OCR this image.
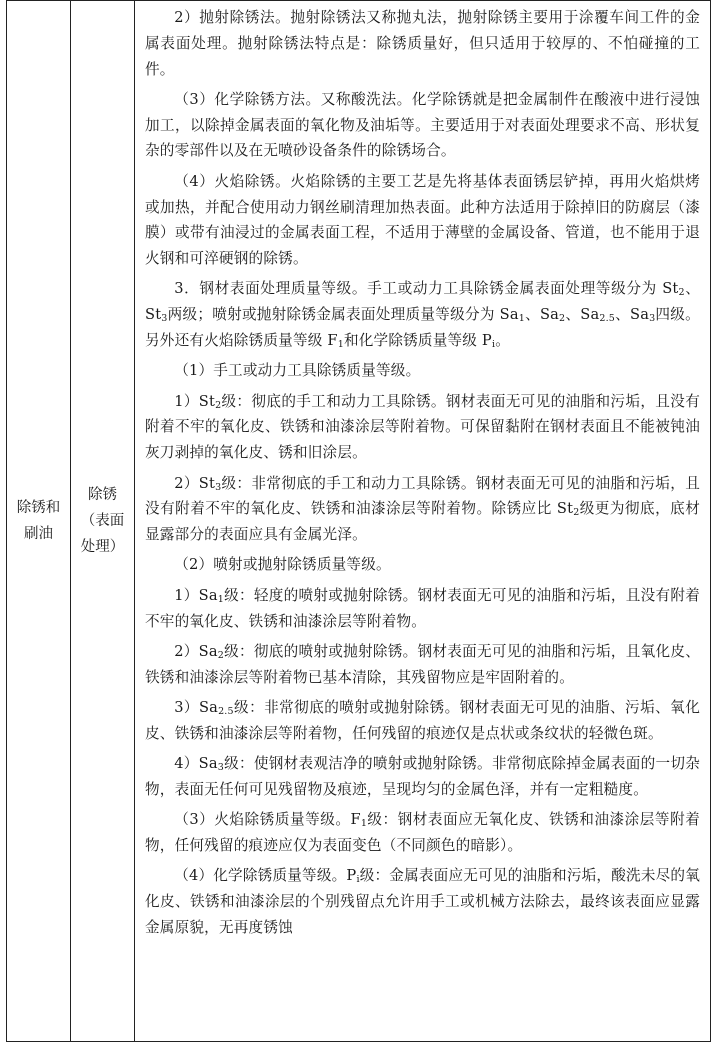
除锈和
刷油
除锈
（表面
处理）

2）抛射除锈法。抛射除锈法又称抛丸法，抛射除锈主要用于涂覆车间工件的金属表面处理。抛射除锈法特点是：除锈质量好，但只适用于较厚的、不怕碰撞的工件。

（3）化学除锈方法。又称酸洗法。化学除锈就是把金属制件在酸液中进行浸蚀加工，以除掉金属表面的氧化物及油垢等。主要适用于对表面处理要求不高、形状复杂的零部件以及在无喷砂设备条件的除锈场合。

（4）火焰除锈。火焰除锈的主要工艺是先将基体表面锈层铲掉，再用火焰烘烤或加热，并配合使用动力钢丝刷清理加热表面。此种方法适用于除掉旧的防腐层（漆膜）或带有油浸过的金属表面工程，不适用于薄壁的金属设备、管道，也不能用于退火钢和可淬硬钢的除锈。

3．钢材表面处理质量等级。手工或动力工具除锈金属表面处理等级分为 $St_2$、$St_3$两级；喷射或抛射除锈金属表面处理质量等级分为 $Sa_1$、$Sa_2$、$Sa_{2.5}$、$Sa_3$四级。另外还有火焰除锈质量等级 $F_1$和化学除锈质量等级 $P_i$。

（1）手工或动力工具除锈质量等级。

$1)St_2$级：彻底的手工和动力工具除锈。钢材表面无可见的油脂和污垢，且没有附着不牢的氧化皮、铁锈和油漆涂层等附着物。可保留黏附在钢材表面且不能被钝油灰刀剥掉的氧化皮、锈和旧涂层。

$2)St_3$级：非常彻底的手工和动力工具除锈。钢材表面无可见的油脂和污垢，且没有附着不牢的氧化皮、铁锈和油漆涂层等附着物。除锈应比 $St_2$级更为彻底，底材显露部分的表面应具有金属光泽。

（2）喷射或抛射除锈质量等级。

$1)Sa_1$级：轻度的喷射或抛射除锈。钢材表面无可见的油脂和污垢，且没有附着不牢的氧化皮、铁锈和油漆涂层等附着物。

$2)Sa_2$级：彻底的喷射或抛射除锈。钢材表面无可见的油脂和污垢，且氧化皮、铁锈和油漆涂层等附着物已基本清除，其残留物应是牢固附着的。

$3)Sa_{2.5}$级：非常彻底的喷射或抛射除锈。钢材表面无可见的油脂、污垢、氧化皮、铁锈和油漆涂层等附着物，任何残留的痕迹仅是点状或条纹状的轻微色斑。

$4)Sa_3$级：使钢材表观洁净的喷射或抛射除锈。非常彻底除掉金属表面的一切杂物，表面无任何可见残留物及痕迹，呈现均匀的金属色泽，并有一定粗糙度。

（3）火焰除锈质量等级。$F_1$级：钢材表面应无氧化皮、铁锈和油漆涂层等附着物，任何残留的痕迹应仅为表面变色（不同颜色的暗影）。

（4）化学除锈质量等级。$P_i$级：金属表面应无可见的油脂和污垢，酸洗未尽的氧化皮、铁锈和油漆涂层的个别残留点允许用手工或机械方法除去，最终该表面应显露金属原貌，无再度锈蚀
